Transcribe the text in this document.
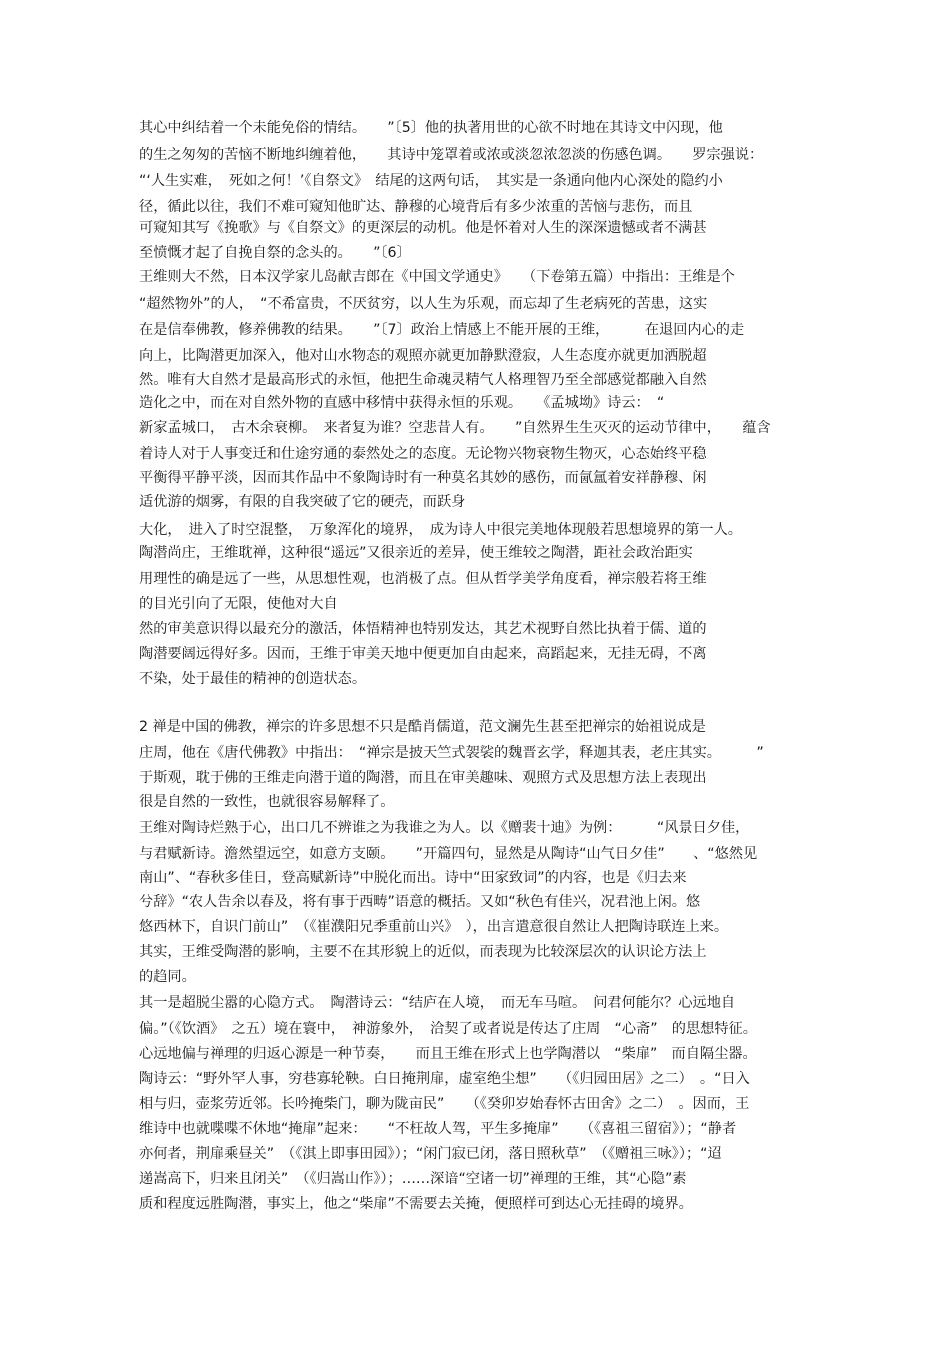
其心中纠结着一个未能免俗的情结。　　”〔5〕他的执著用世的心欲不时地在其诗文中闪现，他
的生之匆匆的苦恼不断地纠缠着他，　　其诗中笼罩着或浓或淡忽浓忽淡的伤感色调。　　罗宗强说：
“‘人生实难，　死如之何！’《自祭文》　结尾的这两句话，　其实是一条通向他内心深处的隐约小
径，循此以往，我们不难可窥知他旷达、静穆的心境背后有多少浓重的苦恼与悲伤，而且
可窥知其写《挽歌》与《自祭文》的更深层的动机。他是怀着对人生的深深遗憾或者不满甚
至愤慨才起了自挽自祭的念头的。　　”〔6〕
王维则大不然，日本汉学家儿岛献吉郎在《中国文学通史》　　（下卷第五篇）中指出：王维是个
“超然物外”的人，　“不希富贵，不厌贫穷，以人生为乐观，而忘却了生老病死的苦患，这实
在是信奉佛教，修养佛教的结果。　　”〔7〕政治上情感上不能开展的王维，　　　在退回内心的走
向上，比陶潜更加深入，他对山水物态的观照亦就更加静默澄寂，人生态度亦就更加洒脱超
然。唯有大自然才是最高形式的永恒，他把生命魂灵精气人格理智乃至全部感觉都融入自然
造化之中，而在对自然外物的直感中移情中获得永恒的乐观。　　《孟城坳》诗云：　“
新家孟城口，　古木余衰柳。　来者复为谁？空悲昔人有。　　”自然界生生灭灭的运动节律中，　　蕴含
着诗人对于人事变迁和仕途穷通的泰然处之的态度。无论物兴物衰物生物灭，心态始终平稳
平衡得平静平淡，因而其作品中不象陶诗时有一种莫名其妙的感伤，而氤氲着安祥静穆、闲
适优游的烟雾，有限的自我突破了它的硬壳，而跃身
大化，　进入了时空混整，　万象浑化的境界，　成为诗人中很完美地体现般若思想境界的第一人。
陶潜尚庄，王维耽禅，这种很“遥远”又很亲近的差异，使王维较之陶潜，距社会政治距实
用理性的确是远了一些，从思想性观，也消极了点。但从哲学美学角度看，禅宗般若将王维
的目光引向了无限，使他对大自
然的审美意识得以最充分的激活，体悟精神也特别发达，其艺术视野自然比执着于儒、道的
陶潜要阔远得好多。因而，王维于审美天地中便更加自由起来，高蹈起来，无挂无碍，不离
不染，处于最佳的精神的创造状态。
2 禅是中国的佛教，禅宗的许多思想不只是酷肖儒道，范文澜先生甚至把禅宗的始祖说成是
庄周，他在《唐代佛教》中指出：　“禅宗是披天竺式袈裟的魏晋玄学，释迦其表，老庄其实。　　　”
于斯观，耽于佛的王维走向潜于道的陶潜，而且在审美趣味、观照方式及思想方法上表现出
很是自然的一致性，也就很容易解释了。
王维对陶诗烂熟于心，出口几不辨谁之为我谁之为人。以《赠裴十迪》为例：　　　“风景日夕佳，
与君赋新诗。澹然望远空，如意方支颐。　　”开篇四句，显然是从陶诗“山气日夕佳”　　、“悠然见
南山”、“春秋多佳日，登高赋新诗”中脱化而出。诗中“田家致词”的内容，也是《归去来
兮辞》“农人告余以春及，将有事于西畴”语意的概括。又如“秋色有佳兴，况君池上闲。悠
悠西林下，自识门前山”　（《崔濮阳兄季重前山兴》　），出言遣意很自然让人把陶诗联连上来。
其实，王维受陶潜的影响，主要不在其形貌上的近似，而表现为比较深层次的认识论方法上
的趋同。
其一是超脱尘嚣的心隐方式。　陶潜诗云：“结庐在人境，　而无车马喧。　问君何能尔？心远地自
偏。”（《饮酒》　之五）境在寰中，　神游象外，　洽契了或者说是传达了庄周　“心斋”　的思想特征。
心远地偏与禅理的归返心源是一种节奏，　　而且王维在形式上也学陶潜以　“柴扉”　而自隔尘器。
陶诗云：“野外罕人事，穷巷寡轮鞅。白日掩荆扉，虚室绝尘想”　　（《归园田居》之二）　。“日入
相与归，壶浆劳近邻。长吟掩柴门，聊为陇亩民”　　（《癸卯岁始春怀古田舍》之二）　。因而，王
维诗中也就喋喋不休地“掩扉”起来：　　“不枉故人驾，平生多掩扉”　　（《喜祖三留宿》）；“静者
亦何者，荆扉乘昼关”　（《淇上即事田园》）；“闲门寂已闭，落日照秋草”　（《赠祖三咏》）；“迢
递嵩高下，归来且闭关”　（《归嵩山作》）；……深谙“空诸一切”禅理的王维，其“心隐”素
质和程度远胜陶潜，事实上，他之“柴扉”不需要去关掩，便照样可到达心无挂碍的境界。
